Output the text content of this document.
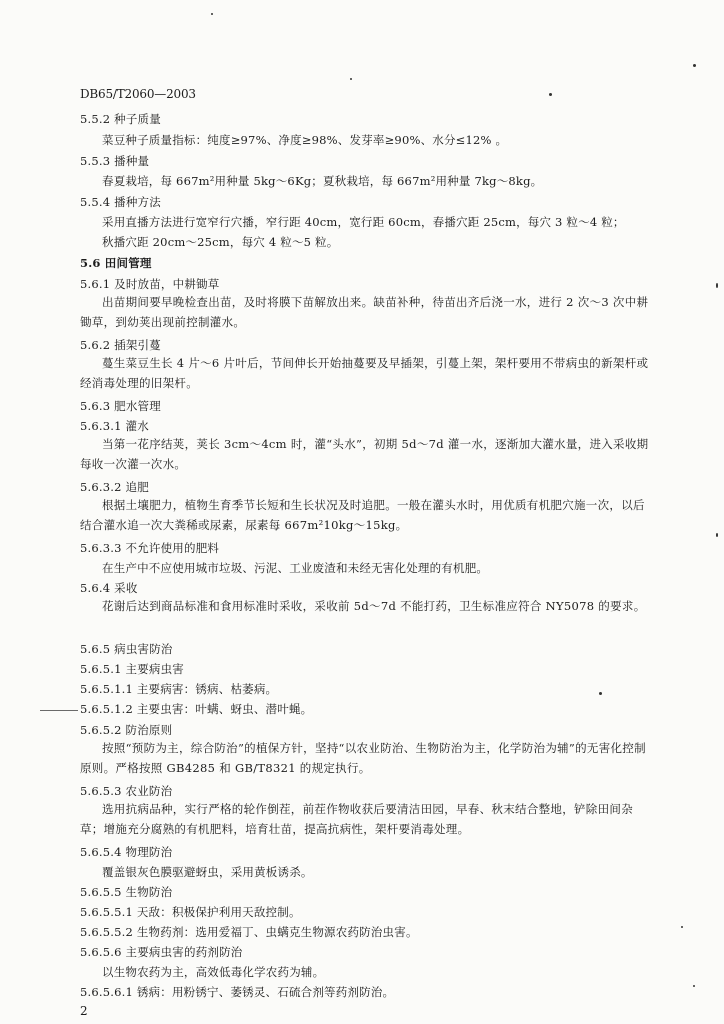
DB65/T2060—2003
5.5.2 种子质量
菜豆种子质量指标：纯度≥97%、净度≥98%、发芽率≥90%、水分≤12% 。
5.5.3 播种量
春夏栽培，每 667m²用种量 5kg～6Kg；夏秋栽培，每 667m²用种量 7kg～8kg。
5.5.4 播种方法
采用直播方法进行宽窄行穴播，窄行距 40cm，宽行距 60cm，春播穴距 25cm，每穴 3 粒～4 粒；
秋播穴距 20cm～25cm，每穴 4 粒～5 粒。
5.6 田间管理
5.6.1 及时放苗，中耕锄草
出苗期间要早晚检查出苗，及时将膜下苗解放出来。缺苗补种，待苗出齐后浇一水，进行 2 次～3 次中耕锄草，到幼荚出现前控制灌水。
5.6.2 插架引蔓
蔓生菜豆生长 4 片～6 片叶后，节间伸长开始抽蔓要及早插架，引蔓上架，架杆要用不带病虫的新架杆或经消毒处理的旧架杆。
5.6.3 肥水管理
5.6.3.1 灌水
当第一花序结荚，荚长 3cm～4cm 时，灌“头水”，初期 5d～7d 灌一水，逐渐加大灌水量，进入采收期每收一次灌一次水。
5.6.3.2 追肥
根据土壤肥力，植物生育季节长短和生长状况及时追肥。一般在灌头水时，用优质有机肥穴施一次，以后结合灌水追一次大粪稀或尿素，尿素每 667m²10kg～15kg。
5.6.3.3 不允许使用的肥料
在生产中不应使用城市垃圾、污泥、工业废渣和未经无害化处理的有机肥。
5.6.4 采收
花谢后达到商品标准和食用标准时采收，采收前 5d～7d 不能打药，卫生标准应符合 NY5078 的要求。
5.6.5 病虫害防治
5.6.5.1 主要病虫害
5.6.5.1.1 主要病害：锈病、枯萎病。
5.6.5.1.2 主要虫害：叶螨、蚜虫、潜叶蝇。
5.6.5.2 防治原则
按照“预防为主，综合防治”的植保方针，坚持“以农业防治、生物防治为主，化学防治为辅”的无害化控制原则。严格按照 GB4285 和 GB/T8321 的规定执行。
5.6.5.3 农业防治
选用抗病品种，实行严格的轮作倒茬，前茬作物收获后要清洁田园，早春、秋末结合整地，铲除田间杂草；增施充分腐熟的有机肥料，培育壮苗，提高抗病性，架杆要消毒处理。
5.6.5.4 物理防治
覆盖银灰色膜驱避蚜虫，采用黄板诱杀。
5.6.5.5 生物防治
5.6.5.5.1 天敌：积极保护利用天敌控制。
5.6.5.5.2 生物药剂：选用爱福丁、虫螨克生物源农药防治虫害。
5.6.5.6 主要病虫害的药剂防治
以生物农药为主，高效低毒化学农药为辅。
5.6.5.6.1 锈病：用粉锈宁、萎锈灵、石硫合剂等药剂防治。
2
